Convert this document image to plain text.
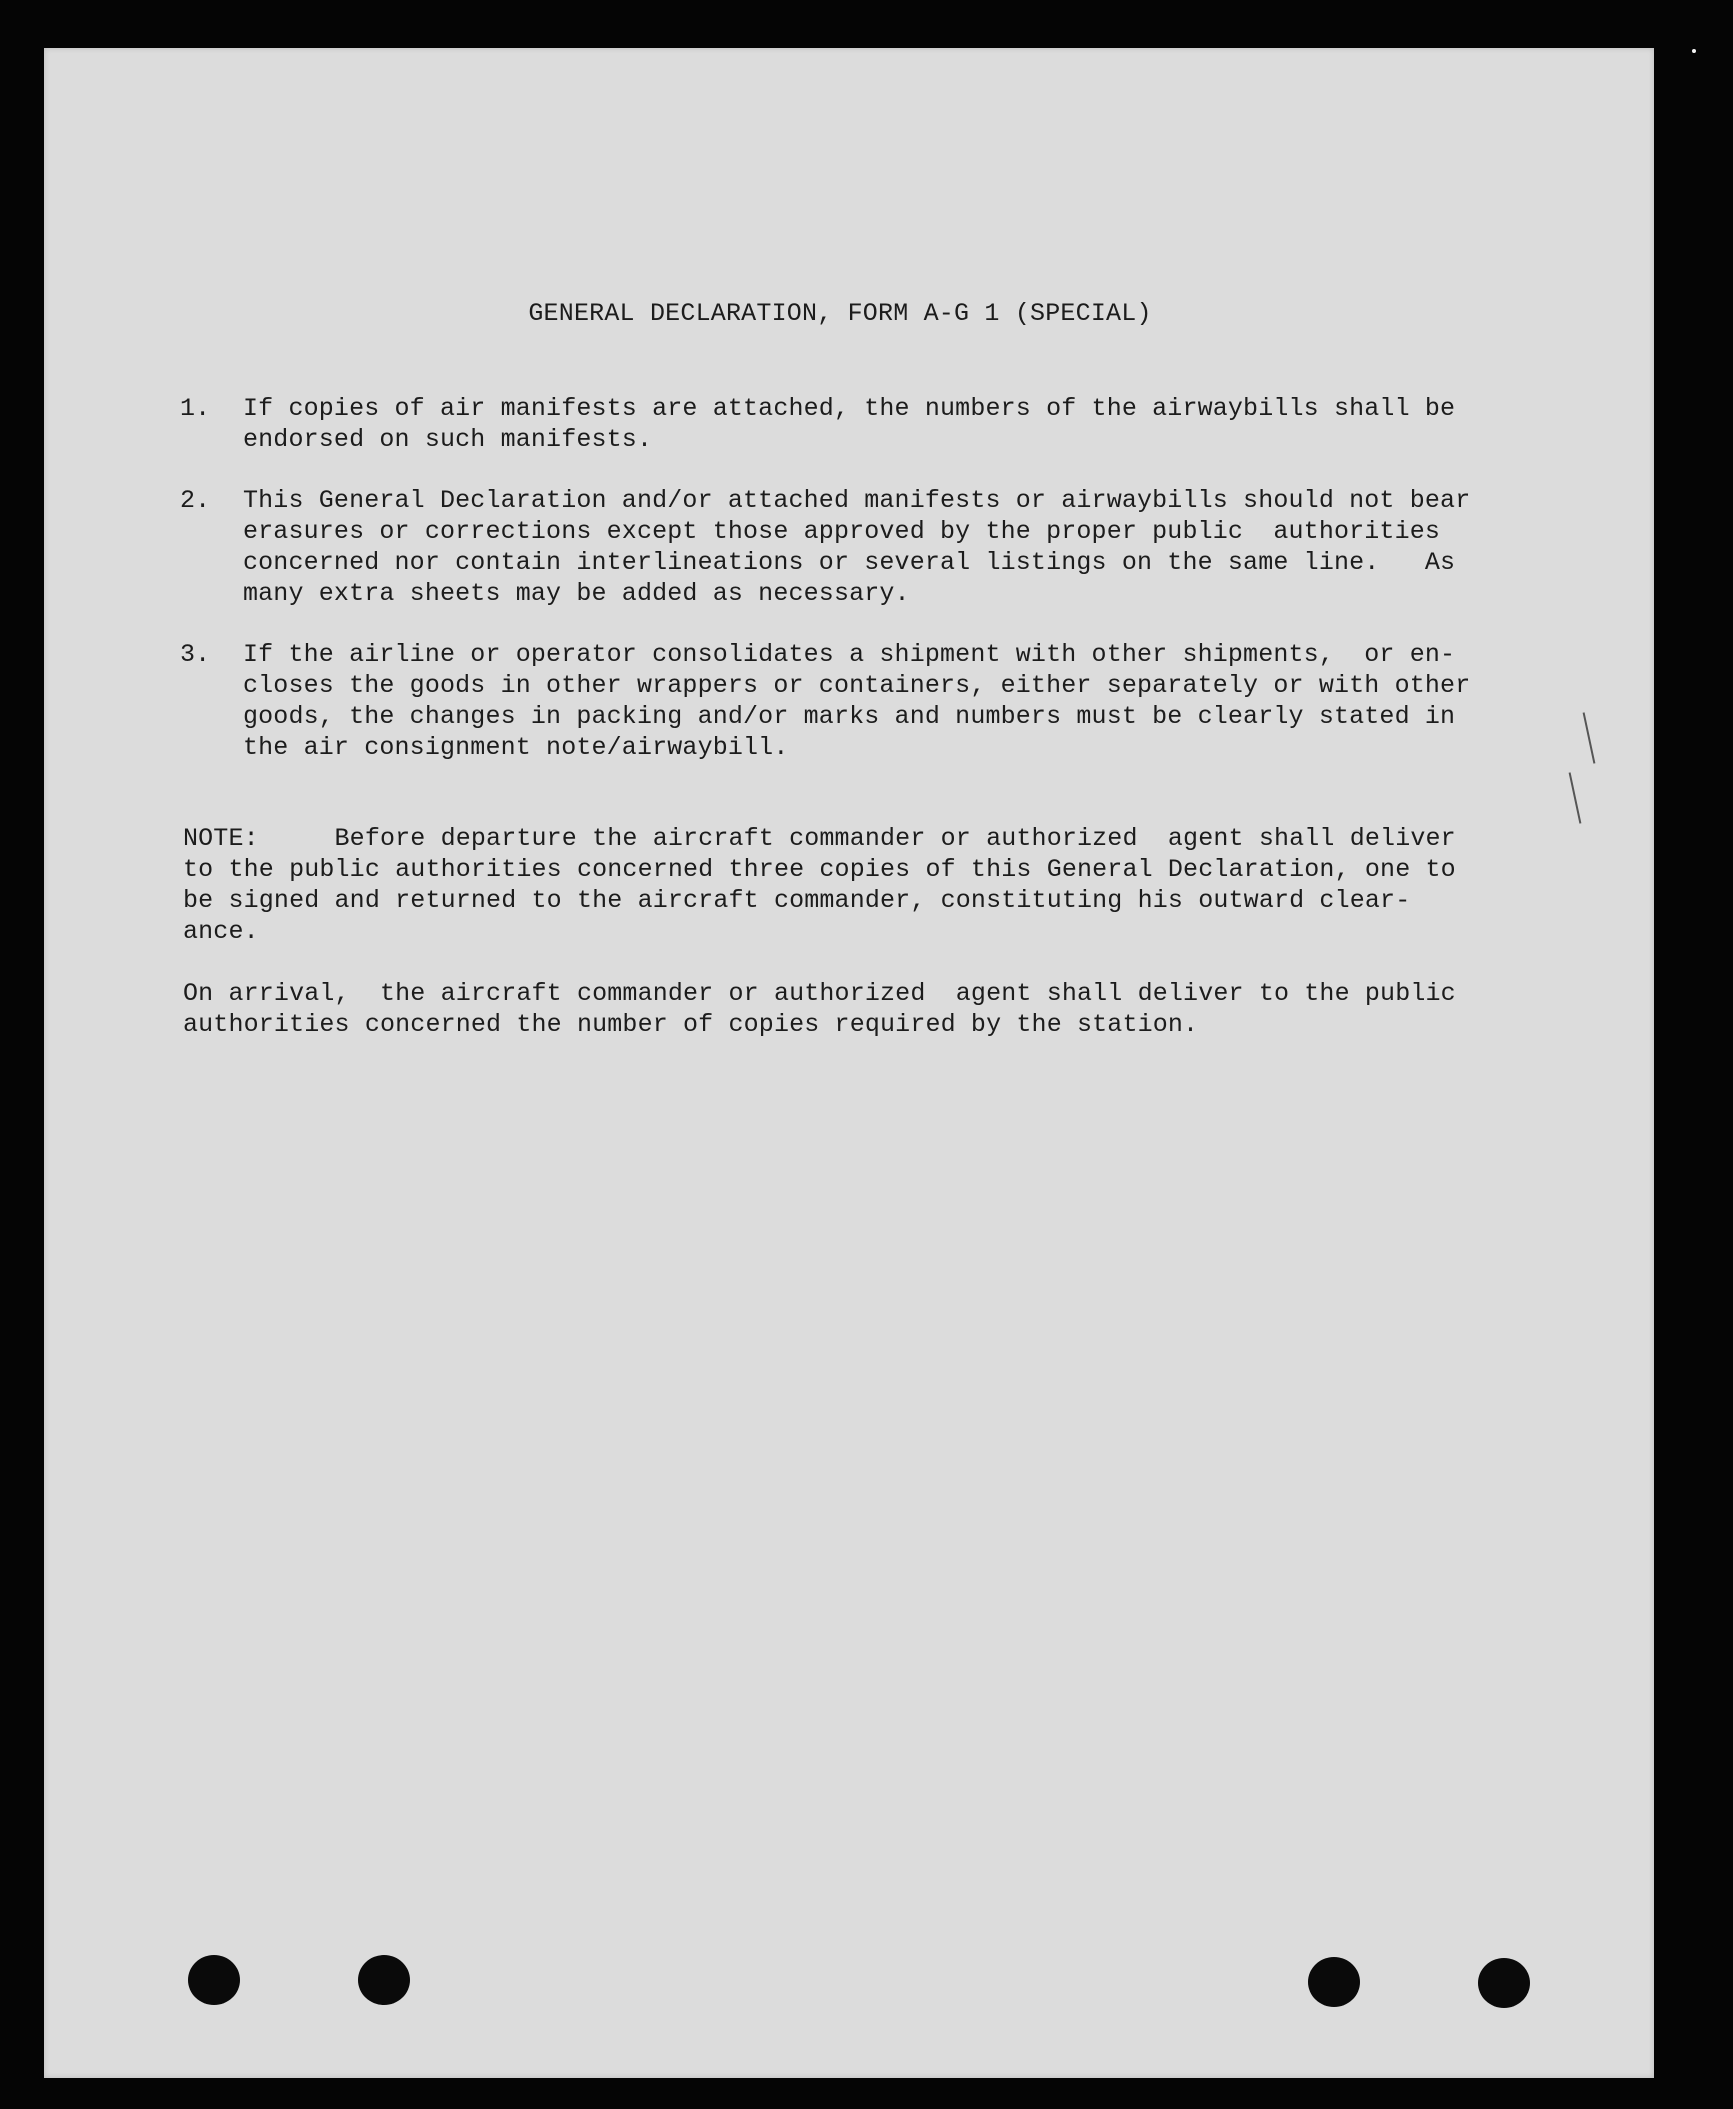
GENERAL DECLARATION, FORM A-G 1 (SPECIAL)
1. If copies of air manifests are attached, the numbers of the airwaybills shall be
endorsed on such manifests.
2. This General Declaration and/or attached manifests or airwaybills should not bear
erasures or corrections except those approved by the proper public  authorities
concerned nor contain interlineations or several listings on the same line.   As
many extra sheets may be added as necessary.
3. If the airline or operator consolidates a shipment with other shipments,  or en-
closes the goods in other wrappers or containers, either separately or with other
goods, the changes in packing and/or marks and numbers must be clearly stated in
the air consignment note/airwaybill.
NOTE:     Before departure the aircraft commander or authorized  agent shall deliver
to the public authorities concerned three copies of this General Declaration, one to
be signed and returned to the aircraft commander, constituting his outward clear-
ance.
On arrival,  the aircraft commander or authorized  agent shall deliver to the public
authorities concerned the number of copies required by the station.
